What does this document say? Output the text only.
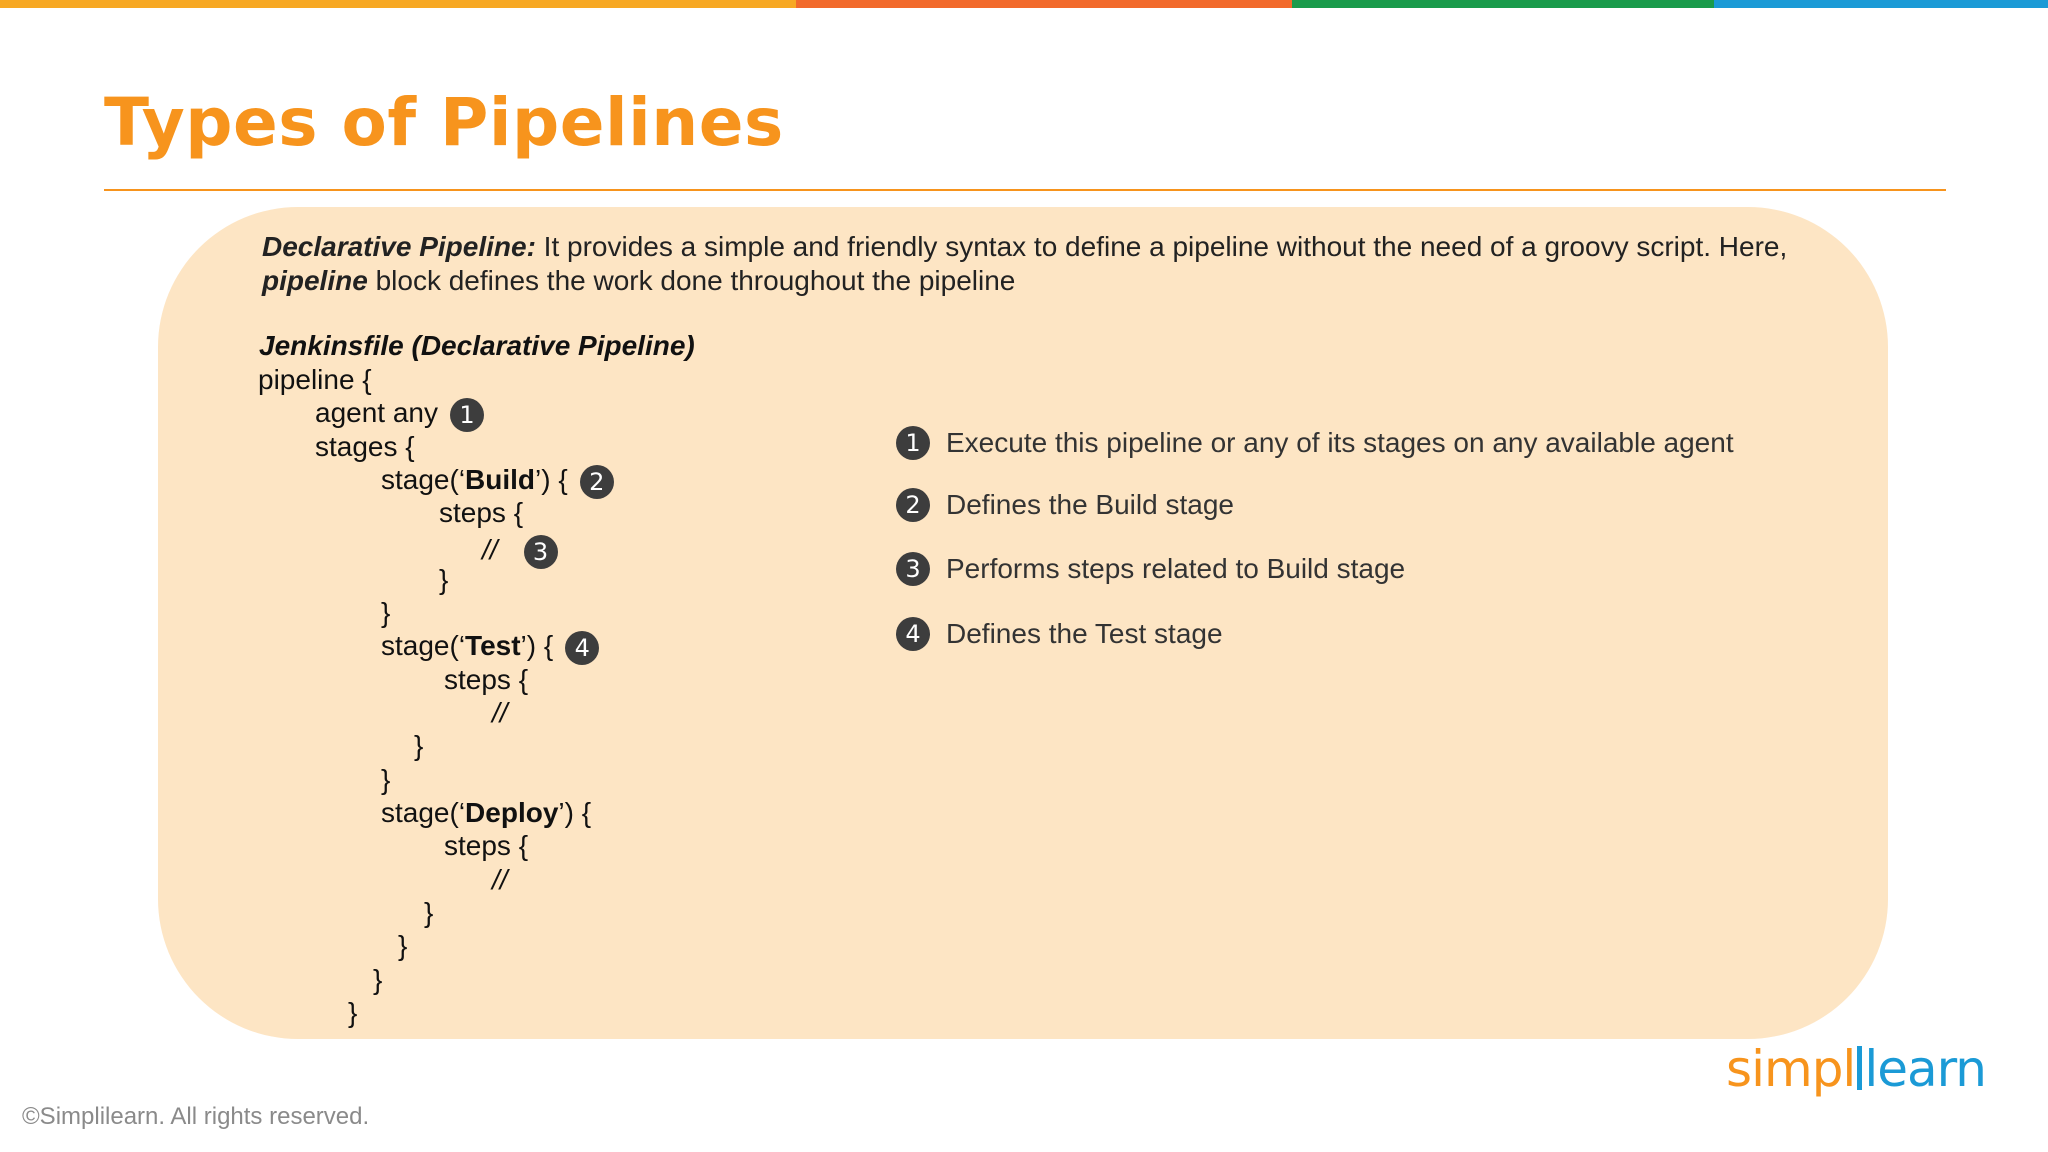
Types of Pipelines

Declarative Pipeline: It provides a simple and friendly syntax to define a pipeline without the need of a groovy script. Here, pipeline block defines the work done throughout the pipeline

Jenkinsfile (Declarative Pipeline)
pipeline {
agent any 1
stages {
stage(‘Build’) { 2
steps {
// 3
}
}
stage(‘Test’) { 4
steps {
//
}
}
stage(‘Deploy’) {
steps {
//
}
}
}
}
1 Execute this pipeline or any of its stages on any available agent
2 Defines the Build stage
3 Performs steps related to Build stage
4 Defines the Test stage
©Simplilearn. All rights reserved.
simpl learn
